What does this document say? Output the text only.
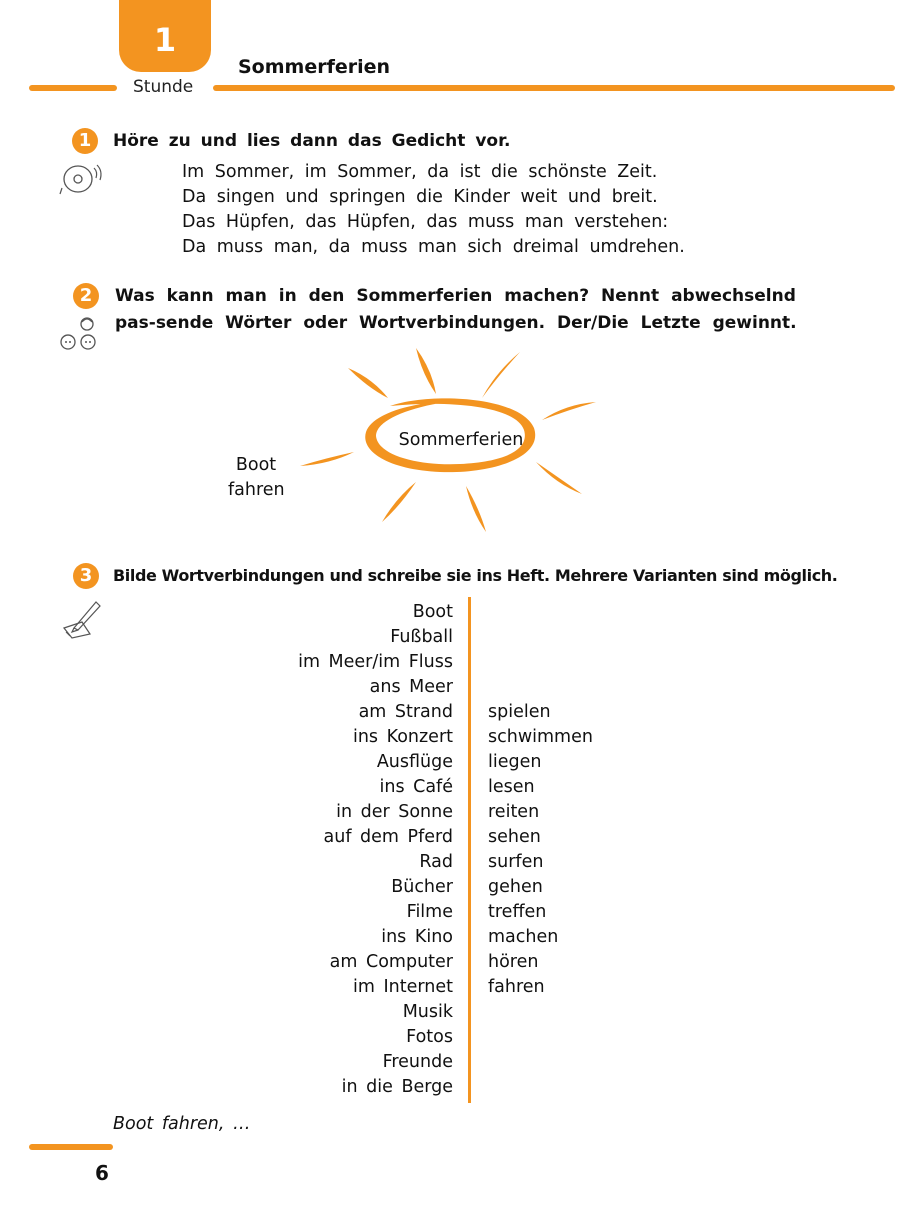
1
Stunde
Sommerferien
1	Höre zu und lies dann das Gedicht vor.
Im Sommer, im Sommer, da ist die schönste Zeit.
Da singen und springen die Kinder weit und breit.
Das Hüpfen, das Hüpfen, das muss man verstehen:
Da muss man, da muss man sich dreimal umdrehen.
2	Was kann man in den Sommerferien machen? Nennt abwechselnd pas-sende Wörter oder Wortverbindungen. Der/Die Letzte gewinnt.
Sommerferien
Boot
fahren
3	Bilde Wortverbindungen und schreibe sie ins Heft. Mehrere Varianten sind möglich.
Boot
Fußball
im Meer/im Fluss
ans Meer
am Strand
ins Konzert
Ausflüge
ins Café
in der Sonne
auf dem Pferd
Rad
Bücher
Filme
ins Kino
am Computer
im Internet
Musik
Fotos
Freunde
in die Berge
spielen
schwimmen
liegen
lesen
reiten
sehen
surfen
gehen
treffen
machen
hören
fahren
Boot fahren, …
6
